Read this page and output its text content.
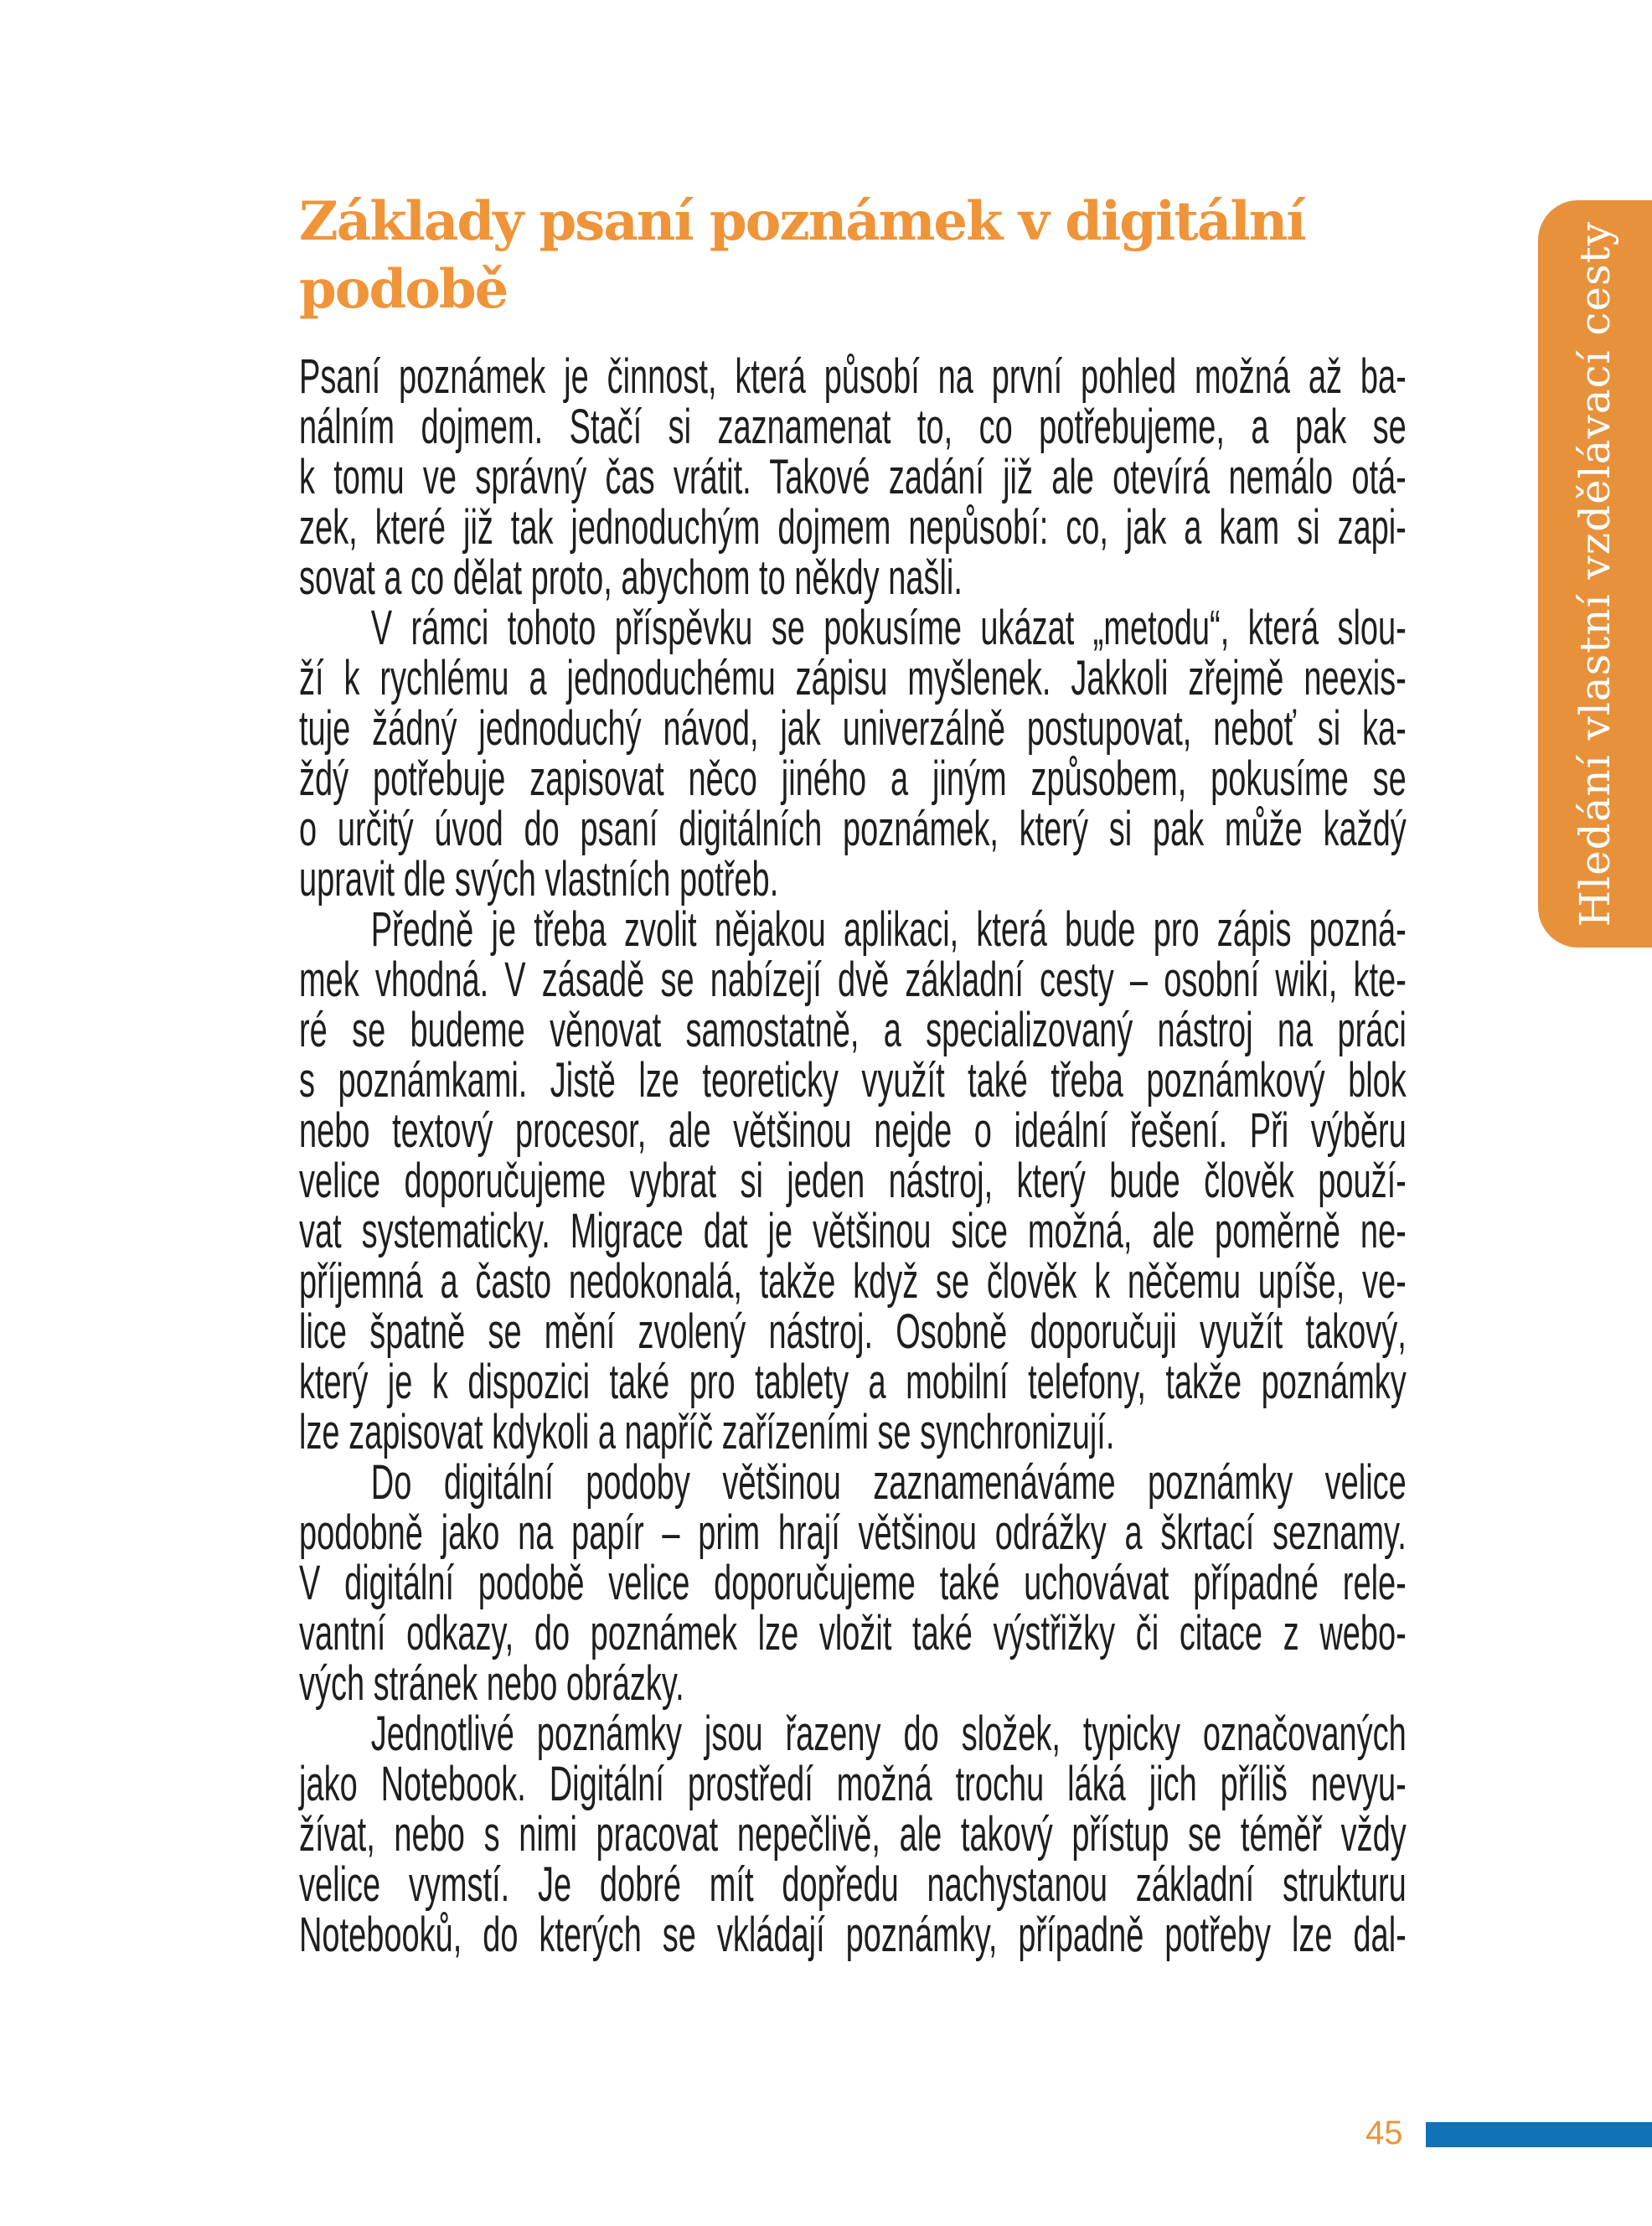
Základy psaní poznámek v digitální
podobě
Psaní poznámek je činnost, která působí na první pohled možná až ba-
nálním dojmem. Stačí si zaznamenat to, co potřebujeme, a pak se
k tomu ve správný čas vrátit. Takové zadání již ale otevírá nemálo otá-
zek, které již tak jednoduchým dojmem nepůsobí: co, jak a kam si zapi-
sovat a co dělat proto, abychom to někdy našli.
V rámci tohoto příspěvku se pokusíme ukázat „metodu“, která slou-
ží k rychlému a jednoduchému zápisu myšlenek. Jakkoli zřejmě neexis-
tuje žádný jednoduchý návod, jak univerzálně postupovat, neboť si ka-
ždý potřebuje zapisovat něco jiného a jiným způsobem, pokusíme se
o určitý úvod do psaní digitálních poznámek, který si pak může každý
upravit dle svých vlastních potřeb.
Předně je třeba zvolit nějakou aplikaci, která bude pro zápis pozná-
mek vhodná. V zásadě se nabízejí dvě základní cesty – osobní wiki, kte-
ré se budeme věnovat samostatně, a specializovaný nástroj na práci
s poznámkami. Jistě lze teoreticky využít také třeba poznámkový blok
nebo textový procesor, ale většinou nejde o ideální řešení. Při výběru
velice doporučujeme vybrat si jeden nástroj, který bude člověk použí-
vat systematicky. Migrace dat je většinou sice možná, ale poměrně ne-
příjemná a často nedokonalá, takže když se člověk k něčemu upíše, ve-
lice špatně se mění zvolený nástroj. Osobně doporučuji využít takový,
který je k dispozici také pro tablety a mobilní telefony, takže poznámky
lze zapisovat kdykoli a napříč zařízeními se synchronizují.
Do digitální podoby většinou zaznamenáváme poznámky velice
podobně jako na papír – prim hrají většinou odrážky a škrtací seznamy.
V digitální podobě velice doporučujeme také uchovávat případné rele-
vantní odkazy, do poznámek lze vložit také výstřižky či citace z webo-
vých stránek nebo obrázky.
Jednotlivé poznámky jsou řazeny do složek, typicky označovaných
jako Notebook. Digitální prostředí možná trochu láká jich příliš nevyu-
žívat, nebo s nimi pracovat nepečlivě, ale takový přístup se téměř vždy
velice vymstí. Je dobré mít dopředu nachystanou základní strukturu
Notebooků, do kterých se vkládají poznámky, případně potřeby lze dal-
Hledání vlastní vzdělávací cesty
45
